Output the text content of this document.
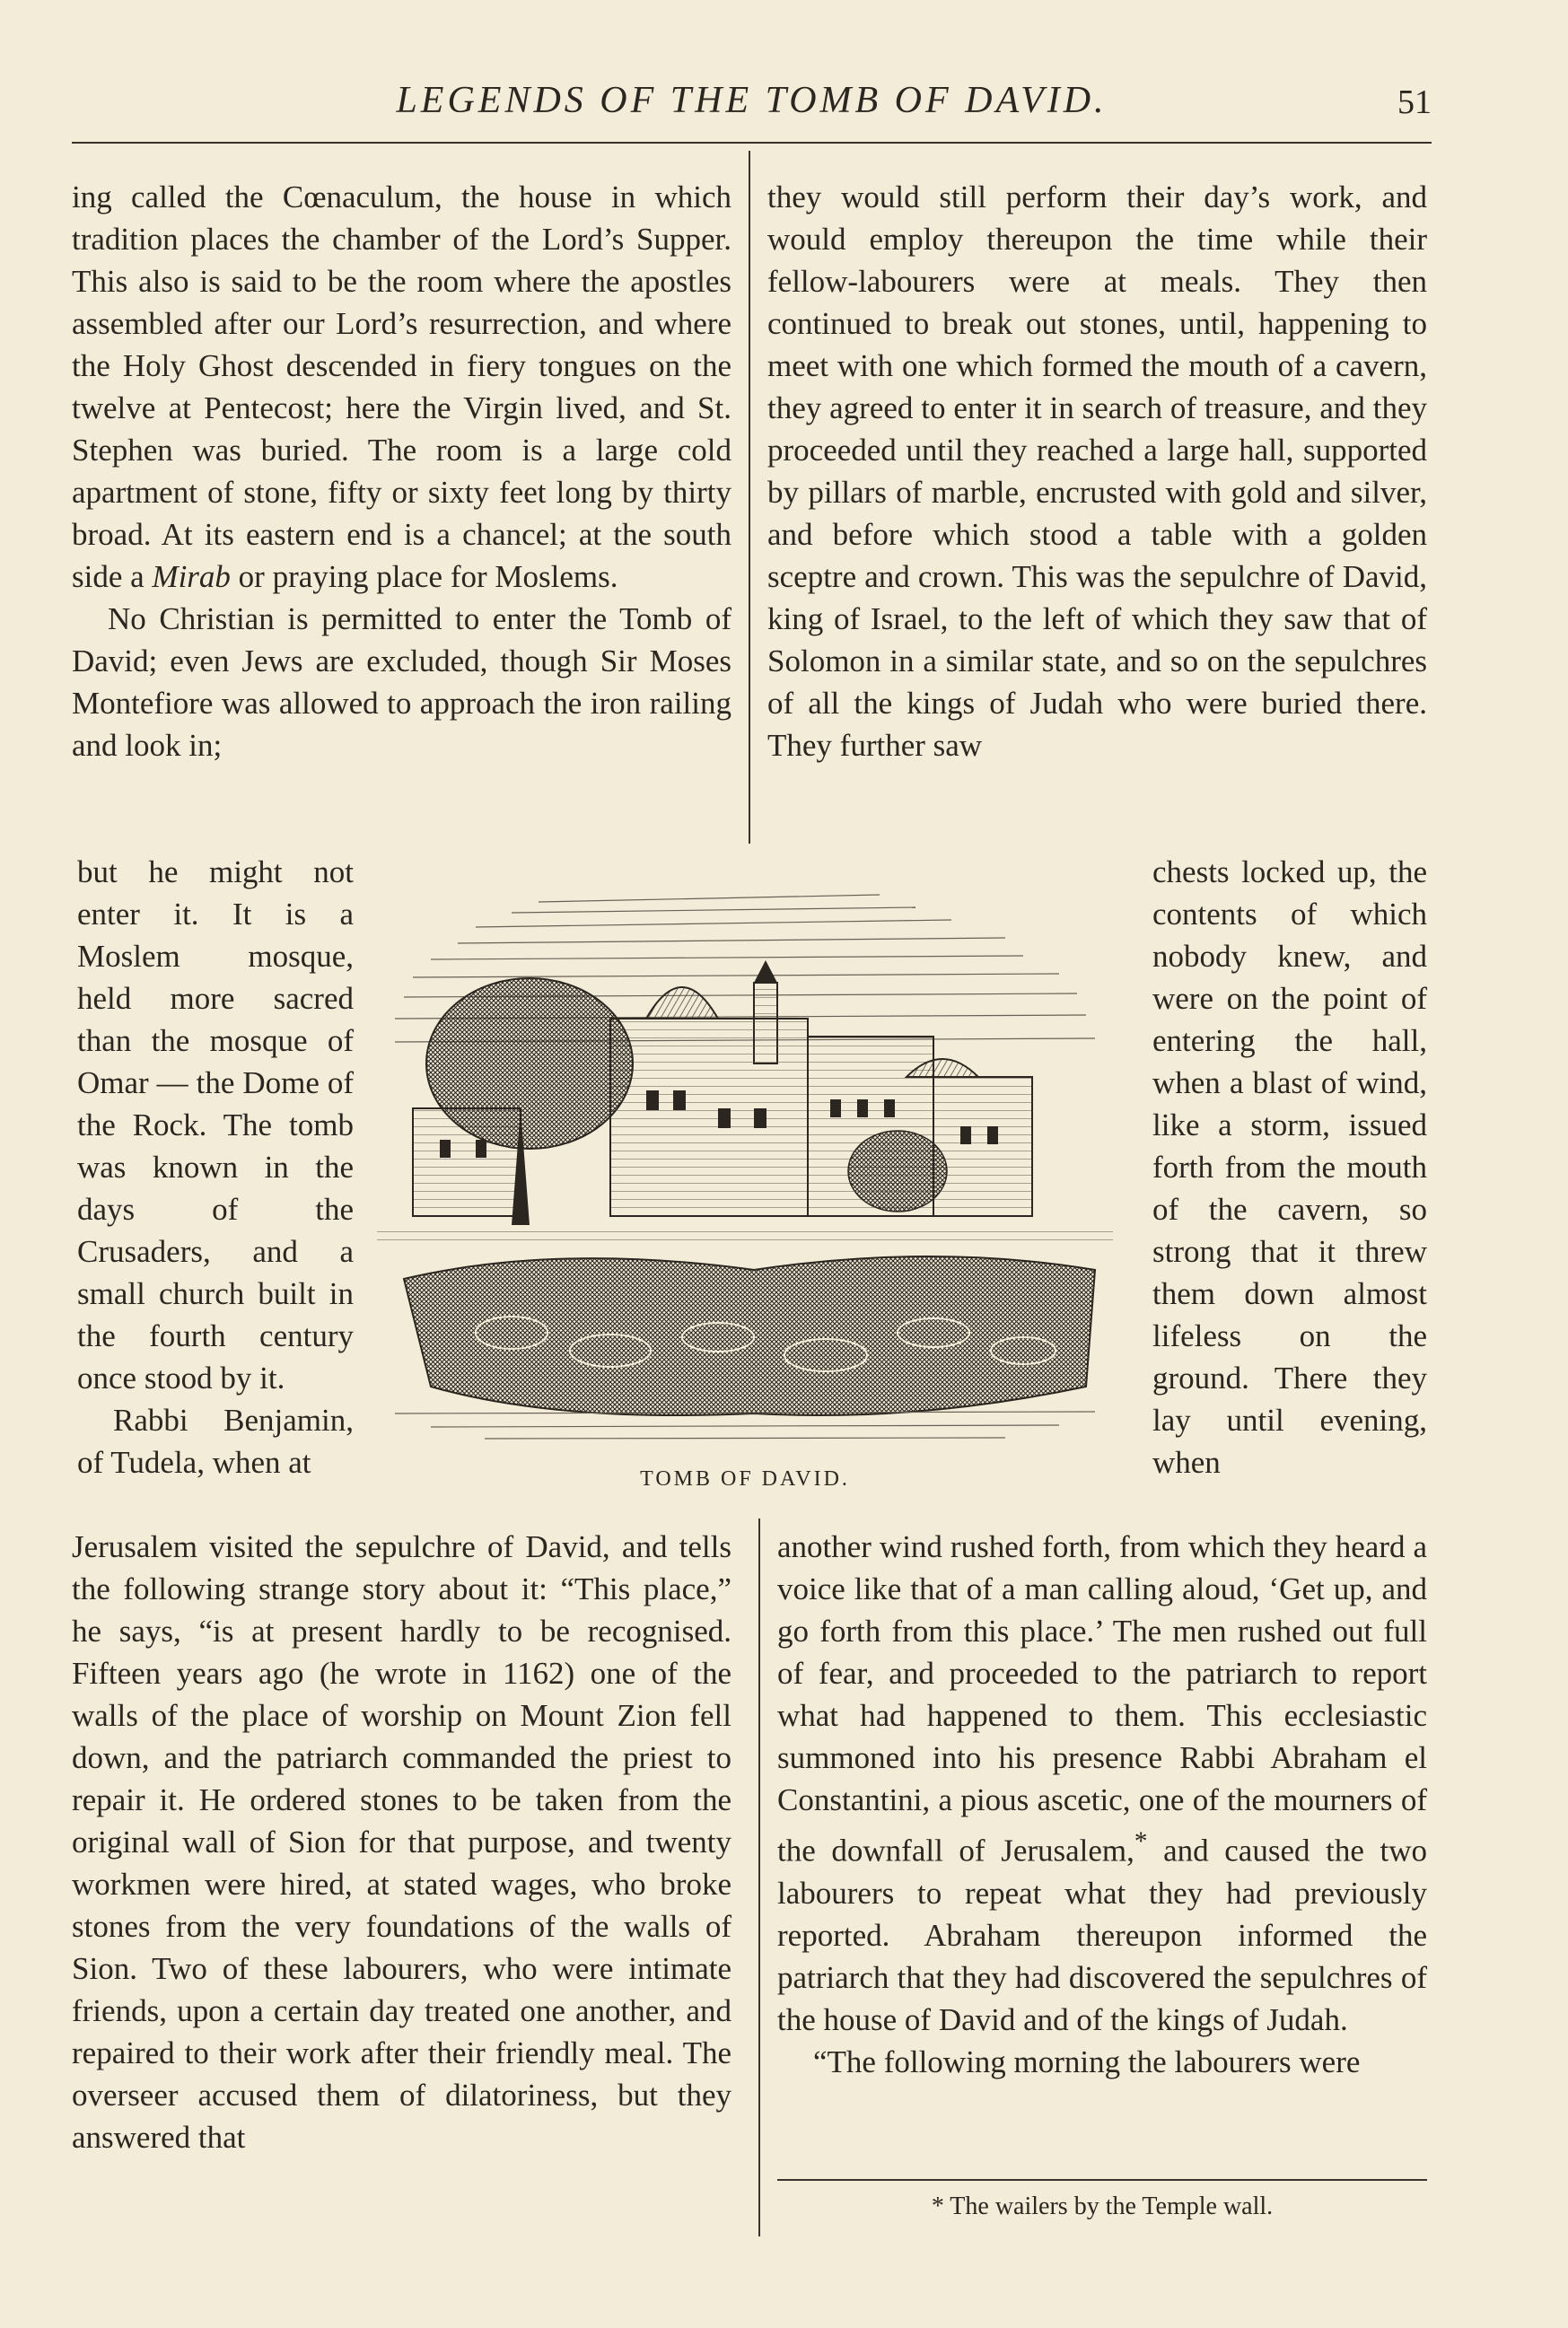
LEGENDS OF THE TOMB OF DAVID.	51

ing called the Cœnaculum, the house in which tradition places the chamber of the Lord’s Supper. This also is said to be the room where the apostles assembled after our Lord’s resurrection, and where the Holy Ghost descended in fiery tongues on the twelve at Pentecost; here the Virgin lived, and St. Stephen was buried. The room is a large cold apartment of stone, fifty or sixty feet long by thirty broad. At its eastern end is a chancel; at the south side a Mirab or praying place for Moslems.

No Christian is permitted to enter the Tomb of David; even Jews are excluded, though Sir Moses Montefiore was allowed to approach the iron railing and look in;

but he might not enter it. It is a Moslem mosque, held more sacred than the mosque of Omar — the Dome of the Rock. The tomb was known in the days of the Crusaders, and a small church built in the fourth century once stood by it.

Rabbi Benjamin, of Tudela, when at	TOMB OF DAVID.

Jerusalem visited the sepulchre of David, and tells the following strange story about it: “This place,” he says, “is at present hardly to be recognised. Fifteen years ago (he wrote in 1162) one of the walls of the place of worship on Mount Zion fell down, and the patriarch commanded the priest to repair it. He ordered stones to be taken from the original wall of Sion for that purpose, and twenty workmen were hired, at stated wages, who broke stones from the very foundations of the walls of Sion. Two of these labourers, who were intimate friends, upon a certain day treated one another, and repaired to their work after their friendly meal. The overseer accused them of dilatoriness, but they answered that

they would still perform their day’s work, and would employ thereupon the time while their fellow-labourers were at meals. They then continued to break out stones, until, happening to meet with one which formed the mouth of a cavern, they agreed to enter it in search of treasure, and they proceeded until they reached a large hall, supported by pillars of marble, encrusted with gold and silver, and before which stood a table with a golden sceptre and crown. This was the sepulchre of David, king of Israel, to the left of which they saw that of Solomon in a similar state, and so on the sepulchres of all the kings of Judah who were buried there. They further saw

chests locked up, the contents of which nobody knew, and were on the point of entering the hall, when a blast of wind, like a storm, issued forth from the mouth of the cavern, so strong that it threw them down almost lifeless on the ground. There they lay until evening, when

another wind rushed forth, from which they heard a voice like that of a man calling aloud, ‘Get up, and go forth from this place.’ The men rushed out full of fear, and proceeded to the patriarch to report what had happened to them. This ecclesiastic summoned into his presence Rabbi Abraham el Constantini, a pious ascetic, one of the mourners of the downfall of Jerusalem,* and caused the two labourers to repeat what they had previously reported. Abraham thereupon informed the patriarch that they had discovered the sepulchres of the house of David and of the kings of Judah.

“The following morning the labourers were

* The wailers by the Temple wall.
